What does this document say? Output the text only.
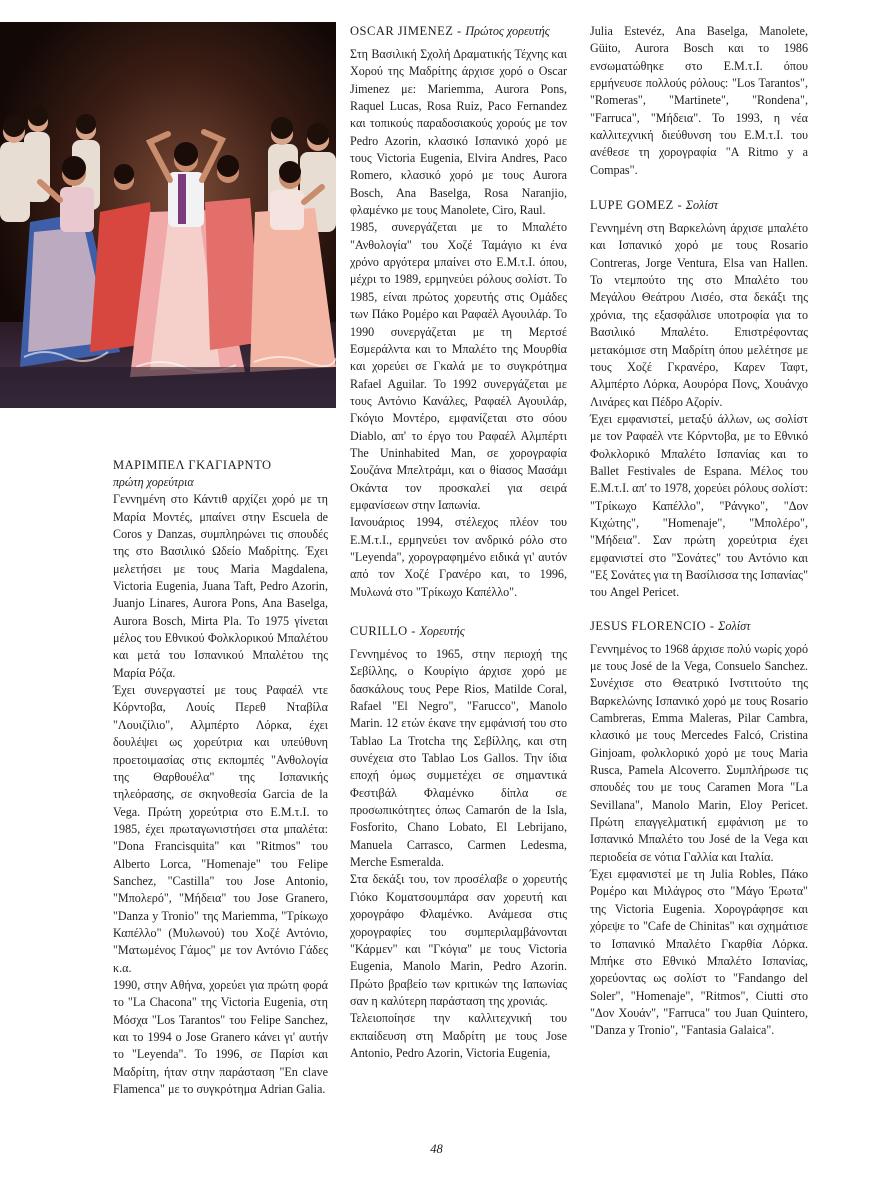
ΜΑΡΙΜΠΕΛ ΓΚΑΓΙΑΡΝΤΟ

πρώτη χορεύτρια

Γεννημένη στο Κάντιθ αρχίζει χορό με τη Μαρία Μοντές, μπαίνει στην Escuela de Coros y Danzas, συμπληρώνει τις σπουδές της στο Βασιλικό Ωδείο Μαδρίτης. Έχει μελετήσει με τους Maria Magdalena, Victoria Eugenia, Juana Taft, Pedro Azorin, Juanjo Linares, Aurora Pons, Ana Baselga, Aurora Bosch, Mirta Pla. Το 1975 γίνεται μέλος του Εθνικού Φολκλορικού Μπαλέτου και μετά του Ισπανικού Μπαλέτου της Μαρία Ρόζα.

Έχει συνεργαστεί με τους Ραφαέλ ντε Κόρντοβα, Λουίς Περεθ Νταβίλα "Λουιζίλιο", Αλμπέρτο Λόρκα, έχει δουλέψει ως χορεύτρια και υπεύθυνη προετοιμασίας στις εκπομπές "Ανθολογία της Θαρθουέλα" της Ισπανικής τηλεόρασης, σε σκηνοθεσία Garcia de la Vega. Πρώτη χορεύτρια στο Ε.Μ.τ.Ι. το 1985, έχει πρωταγωνιστήσει στα μπαλέτα: "Dona Francisquita" και "Ritmos" του Alberto Lorca, "Homenaje" του Felipe Sanchez, "Castilla" του Jose Antonio, "Μπολερό", "Μήδεια" του Jose Granero, "Danza y Tronio" της Mariemma, "Τρίκωχο Καπέλλο" (Μυλωνού) του Χοζέ Αντόνιο, "Ματωμένος Γάμος" με τον Αντόνιο Γάδες κ.α.

1990, στην Αθήνα, χορεύει για πρώτη φορά το "La Chacona" της Victoria Eugenia, στη Μόσχα "Los Tarantos" του Felipe Sanchez, και το 1994 ο Jose Granero κάνει γι' αυτήν το "Leyenda". Το 1996, σε Παρίσι και Μαδρίτη, ήταν στην παράσταση "En clave Flamenca" με το συγκρότημα Adrian Galia.

OSCAR JIMENEZ - Πρώτος χορευτής

Στη Βασιλική Σχολή Δραματικής Τέχνης και Χορού της Μαδρίτης άρχισε χορό ο Oscar Jimenez με: Mariemma, Aurora Pons, Raquel Lucas, Rosa Ruiz, Paco Fernandez και τοπικούς παραδοσιακούς χορούς με τον Pedro Azorin, κλασικό Ισπανικό χορό με τους Victoria Eugenia, Elvira Andres, Paco Romero, κλασικό χορό με τους Aurora Bosch, Ana Baselga, Rosa Naranjio, φλαμένκο με τους Manolete, Ciro, Raul.

1985, συνεργάζεται με το Μπαλέτο "Ανθολογία" του Χοζέ Ταμάγιο κι ένα χρόνο αργότερα μπαίνει στο Ε.Μ.τ.Ι. όπου, μέχρι το 1989, ερμηνεύει ρόλους σολίστ. Το 1985, είναι πρώτος χορευτής στις Ομάδες των Πάκο Ρομέρο και Ραφαέλ Αγουιλάρ. Το 1990 συνεργάζεται με τη Μερτσέ Εσμεράλντα και το Μπαλέτο της Μουρθία και χορεύει σε Γκαλά με το συγκρότημα Rafael Aguilar. Το 1992 συνεργάζεται με τους Αντόνιο Κανάλες, Ραφαέλ Αγουιλάρ, Γκόγιο Μοντέρο, εμφανίζεται στο σόου Diablo, απ' το έργο του Ραφαέλ Αλμπέρτι The Uninhabited Man, σε χορογραφία Σουζάνα Μπελτράμι, και ο θίασος Μασάμι Οκάντα τον προσκαλεί για σειρά εμφανίσεων στην Ιαπωνία.

Ιανουάριος 1994, στέλεχος πλέον του Ε.Μ.τ.Ι., ερμηνεύει τον ανδρικό ρόλο στο "Leyenda", χορογραφημένο ειδικά γι' αυτόν από τον Χοζέ Γρανέρο και, το 1996, Μυλωνά στο "Τρίκωχο Καπέλλο".

CURILLO - Χορευτής

Γεννημένος το 1965, στην περιοχή της Σεβίλλης, ο Κουρίγιο άρχισε χορό με δασκάλους τους Pepe Rios, Matilde Coral, Rafael "El Negro", "Farucco", Manolo Marin. 12 ετών έκανε την εμφάνισή του στο Tablao La Trotcha της Σεβίλλης, και στη συνέχεια στο Tablao Los Gallos. Την ίδια εποχή όμως συμμετέχει σε σημαντικά Φεστιβάλ Φλαμένκο δίπλα σε προσωπικότητες όπως Camarón de la Isla, Fosforito, Chano Lobato, El Lebrijano, Manuela Carrasco, Carmen Ledesma, Merche Esmeralda.

Στα δεκάξι του, τον προσέλαβε ο χορευτής Γιόκο Κοματσουμπάρα σαν χορευτή και χορογράφο Φλαμένκο. Ανάμεσα στις χορογραφίες του συμπεριλαμβάνονται "Κάρμεν" και "Γκόγια" με τους Victoria Eugenia, Manolo Marin, Pedro Azorin. Πρώτο βραβείο των κριτικών της Ιαπωνίας σαν η καλύτερη παράσταση της χρονιάς.

Τελειοποίησε την καλλιτεχνική του εκπαίδευση στη Μαδρίτη με τους Jose Antonio, Pedro Azorin, Victoria Eugenia,

Julia Estevéz, Ana Baselga, Manolete, Güito, Aurora Bosch και το 1986 ενσωματώθηκε στο Ε.Μ.τ.Ι. όπου ερμήνευσε πολλούς ρόλους: "Los Tarantos", "Romeras", "Martinete", "Rondena", "Farruca", "Μήδεια". Το 1993, η νέα καλλιτεχνική διεύθυνση του Ε.Μ.τ.Ι. του ανέθεσε τη χορογραφία "A Ritmo y a Compas".

LUPE GOMEZ - Σολίστ

Γεννημένη στη Βαρκελώνη άρχισε μπαλέτο και Ισπανικό χορό με τους Rosario Contreras, Jorge Ventura, Elsa van Hallen. Το ντεμπούτο της στο Μπαλέτο του Μεγάλου Θεάτρου Λισέο, στα δεκάξι της χρόνια, της εξασφάλισε υποτροφία για το Βασιλικό Μπαλέτο. Επιστρέφοντας μετακόμισε στη Μαδρίτη όπου μελέτησε με τους Χοζέ Γκρανέρο, Καρεν Ταφτ, Αλμπέρτο Λόρκα, Αουρόρα Πονς, Χουάνχο Λινάρες και Πέδρο Αζορίν.

Έχει εμφανιστεί, μεταξύ άλλων, ως σολίστ με τον Ραφαέλ ντε Κόρντοβα, με το Εθνικό Φολκλορικό Μπαλέτο Ισπανίας και το Ballet Festivales de Espana. Μέλος του Ε.Μ.τ.Ι. απ' το 1978, χορεύει ρόλους σολίστ: "Τρίκωχο Καπέλλο", "Ράνγκο", "Δον Κιχώτης", "Homenaje", "Μπολέρο", "Μήδεια". Σαν πρώτη χορεύτρια έχει εμφανιστεί στο "Σονάτες" του Αντόνιο και "Εξ Σονάτες για τη Βασίλισσα της Ισπανίας" του Angel Pericet.

JESUS FLORENCIO - Σολίστ

Γεννημένος το 1968 άρχισε πολύ νωρίς χορό με τους José de la Vega, Consuelo Sanchez. Συνέχισε στο Θεατρικό Ινστιτούτο της Βαρκελώνης Ισπανικό χορό με τους Rosario Cambreras, Emma Maleras, Pilar Cambra, κλασικό με τους Mercedes Falcó, Cristina Ginjoam, φολκλορικό χορό με τους Maria Rusca, Pamela Alcoverro. Συμπλήρωσε τις σπουδές του με τους Caramen Mora "La Sevillana", Manolo Marin, Eloy Pericet. Πρώτη επαγγελματική εμφάνιση με το Ισπανικό Μπαλέτο του José de la Vega και περιοδεία σε νότια Γαλλία και Ιταλία.

Έχει εμφανιστεί με τη Julia Robles, Πάκο Ρομέρο και Μιλάγρος στο "Μάγο Έρωτα" της Victoria Eugenia. Χορογράφησε και χόρεψε το "Cafe de Chinitas" και σχημάτισε το Ισπανικό Μπαλέτο Γκαρθία Λόρκα. Μπήκε στο Εθνικό Μπαλέτο Ισπανίας, χορεύοντας ως σολίστ το "Fandango del Soler", "Homenaje", "Ritmos", Ciutti στο "Δον Χουάν", "Farruca" του Juan Quintero, "Danza y Tronio", "Fantasia Galaica".

48
